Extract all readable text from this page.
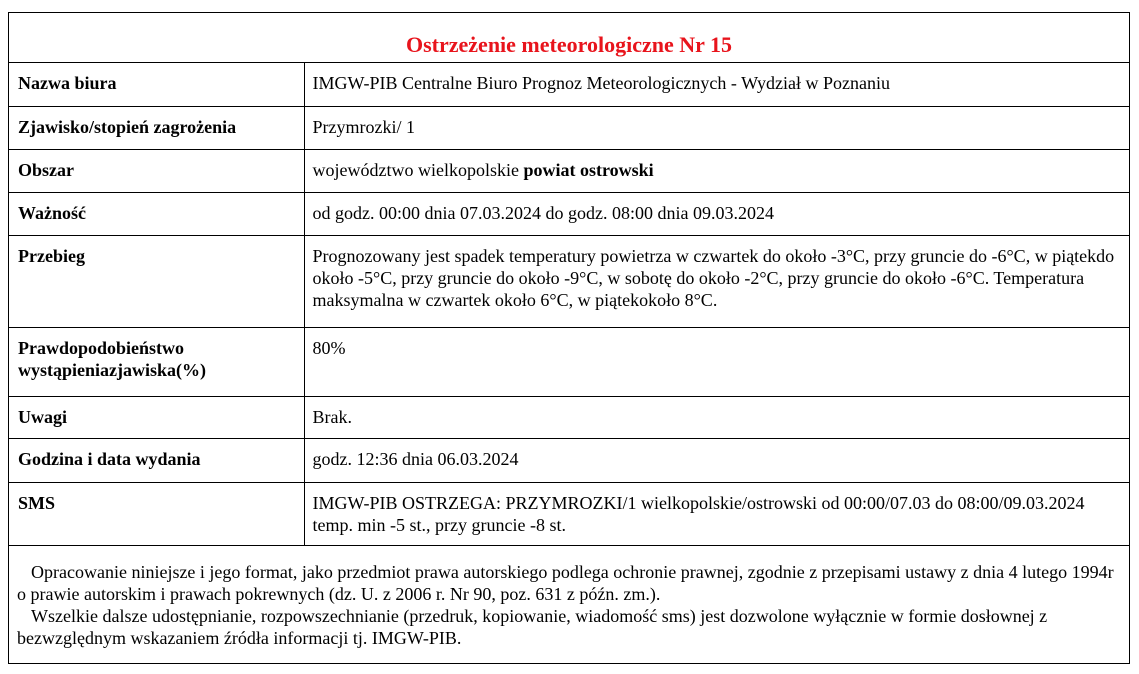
Ostrzeżenie meteorologiczne Nr 15
Nazwa biura	IMGW-PIB Centralne Biuro Prognoz Meteorologicznych - Wydział w Poznaniu
Zjawisko/stopień zagrożenia	Przymrozki/ 1
Obszar	województwo wielkopolskie powiat ostrowski
Ważność	od godz. 00:00 dnia 07.03.2024 do godz. 08:00 dnia 09.03.2024
Przebieg	Prognozowany jest spadek temperatury powietrza w czwartek do około -3°C, przy gruncie do -6°C, w piątekdo około -5°C, przy gruncie do około -9°C, w sobotę do około -2°C, przy gruncie do około -6°C. Temperatura maksymalna w czwartek około 6°C, w piątekokoło 8°C.
Prawdopodobieństwo wystąpieniazjawiska(%)	80%
Uwagi	Brak.
Godzina i data wydania	godz. 12:36 dnia 06.03.2024
SMS	IMGW-PIB OSTRZEGA: PRZYMROZKI/1 wielkopolskie/ostrowski od 00:00/07.03 do 08:00/09.03.2024 temp. min -5 st., przy gruncie -8 st.

Opracowanie niniejsze i jego format, jako przedmiot prawa autorskiego podlega ochronie prawnej, zgodnie z przepisami ustawy z dnia 4 lutego 1994r o prawie autorskim i prawach pokrewnych (dz. U. z 2006 r. Nr 90, poz. 631 z późn. zm.).

Wszelkie dalsze udostępnianie, rozpowszechnianie (przedruk, kopiowanie, wiadomość sms) jest dozwolone wyłącznie w formie dosłownej z bezwzględnym wskazaniem źródła informacji tj. IMGW-PIB.
